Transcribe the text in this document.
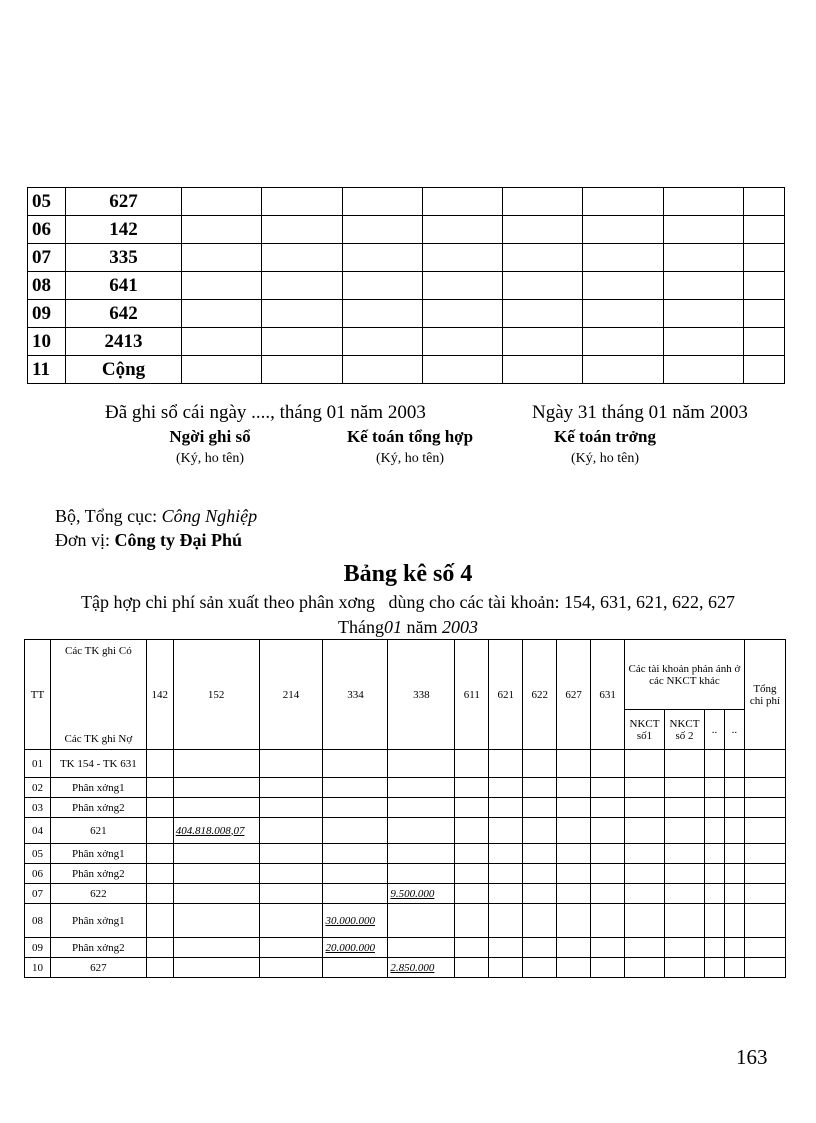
05	627								
06	142								
07	335								
08	641								
09	642								
10	2413								
11	Cộng								
Đã ghi sổ cái ngày ...., tháng 01 năm 2003	Ngày 31 tháng 01 năm 2003
Ngời ghi sổ
(Ký, ho tên)
Kế toán tổng hợp
(Ký, ho tên)
Kế toán trởng
(Ký, ho tên)
Bộ, Tổng cục: Công Nghiệp
Đơn vị: Công ty Đại Phú
Bảng kê số 4
Tập hợp chi phí sản xuất theo phân xơng   dùng cho các tài khoản: 154, 631, 621, 622, 627
Tháng01 năm 2003
TT	Các TK ghi Có
Các TK ghi Nợ	142	152	214	334	338	611	621	622	627	631	Các tài khoản phản ánh ở các NKCT khác				Tổng chi phí
												NKCT số1	NKCT số 2	..	..	
01	TK 154 - TK 631															
02	Phân xởng1															
03	Phân xởng2															
04	621		404.818.008,07													
05	Phân xởng1															
06	Phân xởng2															
07	622					9.500.000										
08	Phân xởng1				30.000.000											
09	Phân xởng2				20.000.000											
10	627					2.850.000										
163
